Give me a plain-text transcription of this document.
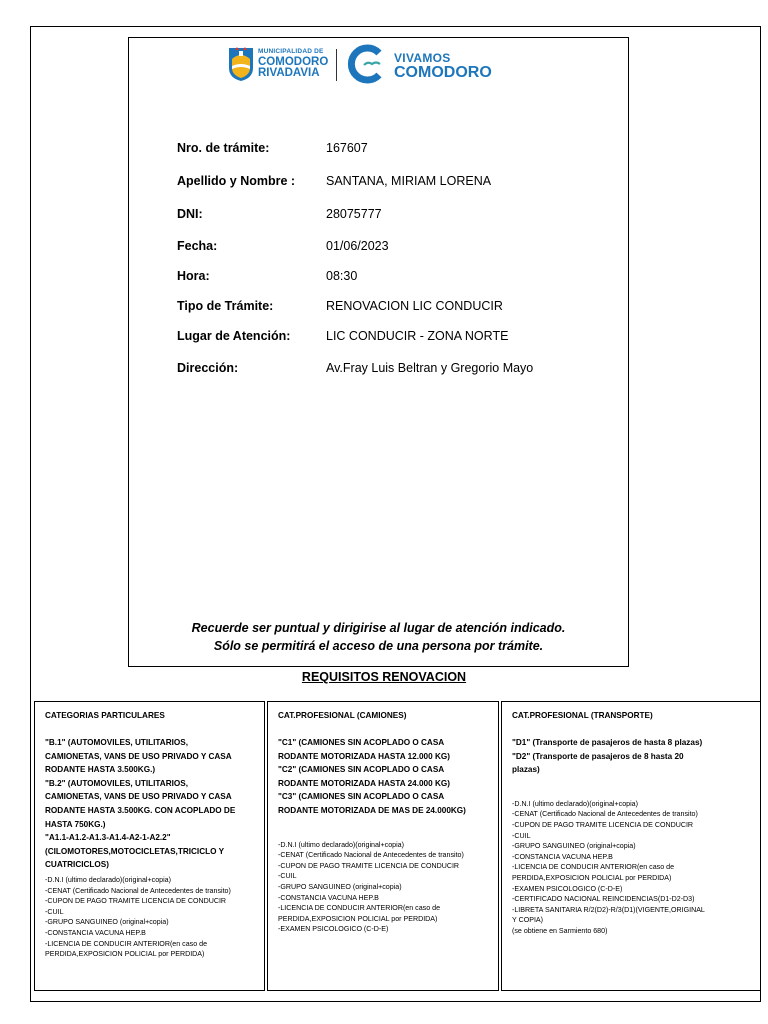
MUNICIPALIDAD DE
COMODORO
RIVADAVIA
VIVAMOS
COMODORO
Nro. de trámite:	167607
Apellido y Nombre : SANTANA, MIRIAM LORENA
DNI:	28075777
Fecha:	01/06/2023
Hora:	08:30
Tipo de Trámite:	RENOVACION LIC CONDUCIR
Lugar de Atención:	LIC CONDUCIR - ZONA NORTE
Dirección:	Av.Fray Luis Beltran y Gregorio Mayo
Recuerde ser puntual y dirigirise al lugar de atención indicado.
Sólo se permitirá el acceso de una persona por trámite.
REQUISITOS RENOVACION
CATEGORIAS PARTICULARES
"B.1" (AUTOMOVILES, UTILITARIOS,
CAMIONETAS, VANS DE USO PRIVADO Y CASA
RODANTE HASTA 3.500KG.)
"B.2" (AUTOMOVILES, UTILITARIOS,
CAMIONETAS, VANS DE USO PRIVADO Y CASA
RODANTE HASTA 3.500KG. CON ACOPLADO DE
HASTA 750KG.)
"A1.1-A1.2-A1.3-A1.4-A2-1-A2.2"
(CILOMOTORES,MOTOCICLETAS,TRICICLO Y
CUATRICICLOS)
-D.N.I (ultimo declarado)(original+copia)
-CENAT (Certificado Nacional de Antecedentes de transito)
-CUPON DE PAGO TRAMITE LICENCIA DE CONDUCIR
-CUIL
-GRUPO SANGUINEO (original+copia)
-CONSTANCIA VACUNA HEP.B
-LICENCIA DE CONDUCIR ANTERIOR(en caso de
PERDIDA,EXPOSICION POLICIAL por PERDIDA)
CAT.PROFESIONAL (CAMIONES)
"C1" (CAMIONES SIN ACOPLADO O CASA
RODANTE MOTORIZADA HASTA 12.000 KG)
"C2" (CAMIONES SIN ACOPLADO O CASA
RODANTE MOTORIZADA HASTA 24.000 KG)
"C3" (CAMIONES SIN ACOPLADO O CASA
RODANTE MOTORIZADA DE MAS DE 24.000KG)
-D.N.I (ultimo declarado)(original+copia)
-CENAT (Certificado Nacional de Antecedentes de transito)
-CUPON DE PAGO TRAMITE LICENCIA DE CONDUCIR
-CUIL
-GRUPO SANGUINEO (original+copia)
-CONSTANCIA VACUNA HEP.B
-LICENCIA DE CONDUCIR ANTERIOR(en caso de
PERDIDA,EXPOSICION POLICIAL por PERDIDA)
-EXAMEN PSICOLOGICO (C-D-E)
CAT.PROFESIONAL (TRANSPORTE)
"D1" (Transporte de pasajeros de hasta 8 plazas)
"D2" (Transporte de pasajeros de 8 hasta 20
plazas)
-D.N.I (ultimo declarado)(original+copia)
-CENAT (Certificado Nacional de Antecedentes de transito)
-CUPON DE PAGO TRAMITE LICENCIA DE CONDUCIR
-CUIL
-GRUPO SANGUINEO (original+copia)
-CONSTANCIA VACUNA HEP.B
-LICENCIA DE CONDUCIR ANTERIOR(en caso de
PERDIDA,EXPOSICION POLICIAL por PERDIDA)
-EXAMEN PSICOLOGICO (C-D-E)
-CERTIFICADO NACIONAL REINCIDENCIAS(D1-D2-D3)
-LIBRETA SANITARIA R/2(D2)-R/3(D1)(VIGENTE,ORIGINAL
Y COPIA)
(se obtiene en Sarmiento 680)
